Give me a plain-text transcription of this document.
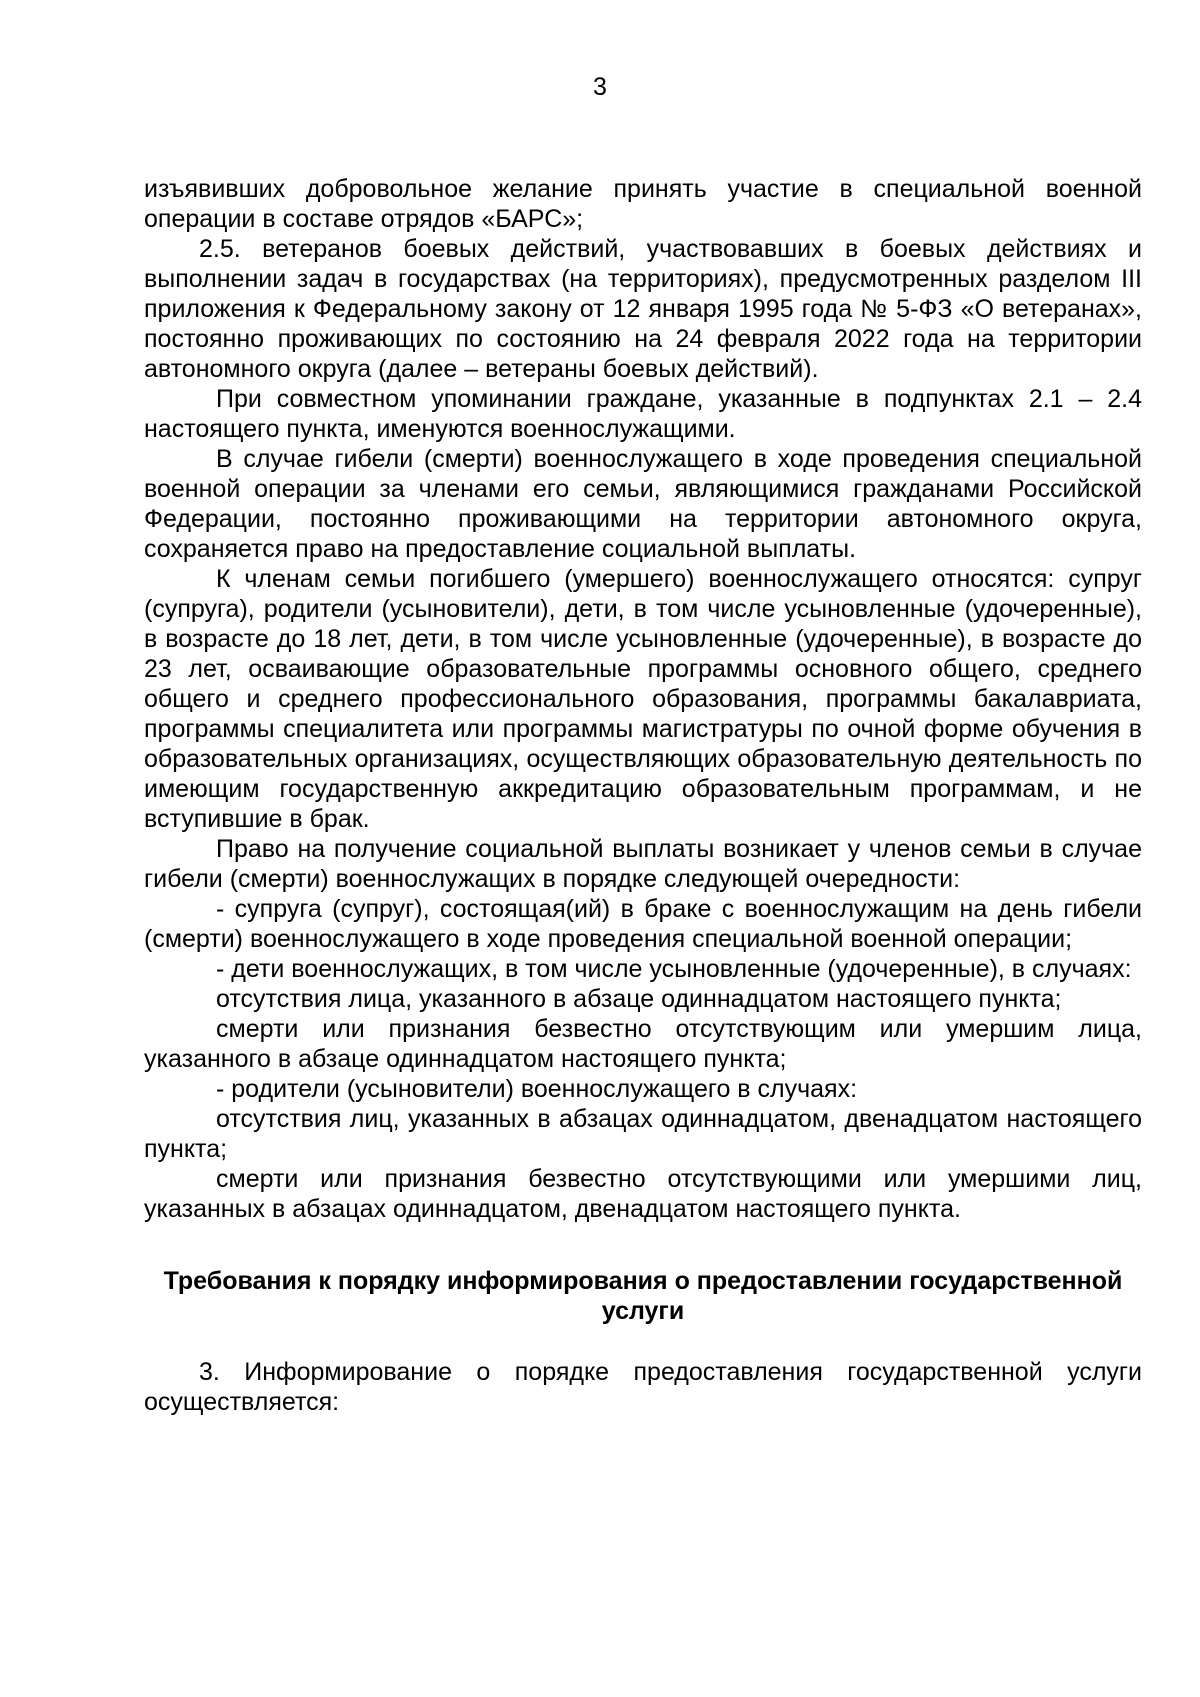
3

изъявивших добровольное желание принять участие в специальной военной операции в составе отрядов «БАРС»;

2.5. ветеранов боевых действий, участвовавших в боевых действиях и выполнении задач в государствах (на территориях), предусмотренных разделом III приложения к Федеральному закону от 12 января 1995 года № 5-ФЗ «О ветеранах», постоянно проживающих по состоянию на 24 февраля 2022 года на территории автономного округа (далее – ветераны боевых действий).

При совместном упоминании граждане, указанные в подпунктах 2.1 – 2.4 настоящего пункта, именуются военнослужащими.

В случае гибели (смерти) военнослужащего в ходе проведения специальной военной операции за членами его семьи, являющимися гражданами Российской Федерации, постоянно проживающими на территории автономного округа, сохраняется право на предоставление социальной выплаты.

К членам семьи погибшего (умершего) военнослужащего относятся: супруг (супруга), родители (усыновители), дети, в том числе усыновленные (удочеренные), в возрасте до 18 лет, дети, в том числе усыновленные (удочеренные), в возрасте до 23 лет, осваивающие образовательные программы основного общего, среднего общего и среднего профессионального образования, программы бакалавриата, программы специалитета или программы магистратуры по очной форме обучения в образовательных организациях, осуществляющих образовательную деятельность по имеющим государственную аккредитацию образовательным программам, и не вступившие в брак.

Право на получение социальной выплаты возникает у членов семьи в случае гибели (смерти) военнослужащих в порядке следующей очередности:

- супруга (супруг), состоящая(ий) в браке с военнослужащим на день гибели (смерти) военнослужащего в ходе проведения специальной военной операции;

- дети военнослужащих, в том числе усыновленные (удочеренные), в случаях:

отсутствия лица, указанного в абзаце одиннадцатом настоящего пункта;

смерти или признания безвестно отсутствующим или умершим лица, указанного в абзаце одиннадцатом настоящего пункта;

- родители (усыновители) военнослужащего в случаях:

отсутствия лиц, указанных в абзацах одиннадцатом, двенадцатом настоящего пункта;

смерти или признания безвестно отсутствующими или умершими лиц, указанных в абзацах одиннадцатом, двенадцатом настоящего пункта.

Требования к порядку информирования о предоставлении государственной услуги

3. Информирование о порядке предоставления государственной услуги осуществляется:
